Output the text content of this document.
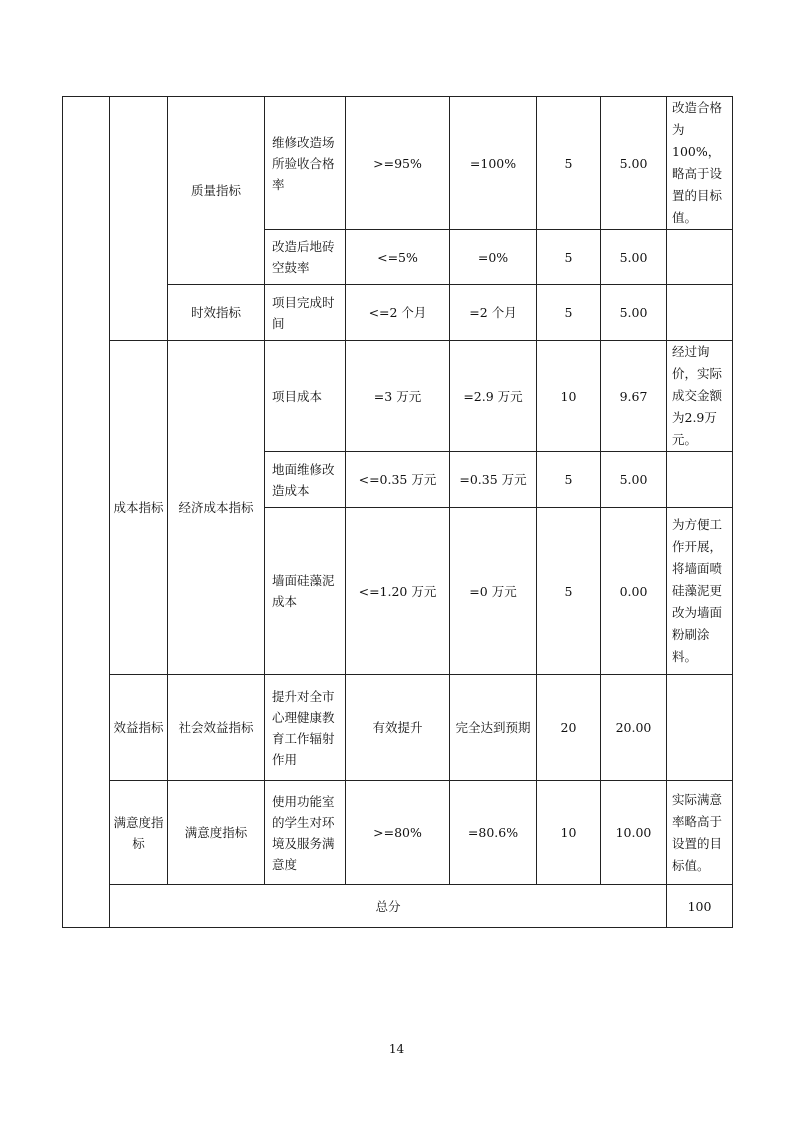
		质量指标	维修改造场所验收合格率	>=95%	=100%	5	5.00	改造合格为100%，略高于设置的目标值。	
			改造后地砖空鼓率	<=5%	=0%	5	5.00		
		时效指标	项目完成时间	<=2 个月	=2 个月	5	5.00		
	成本指标	经济成本指标	项目成本	=3 万元	=2.9 万元	10	9.67	经过询价，实际成交金额为2.9万元。	
			地面维修改造成本	<=0.35 万元	=0.35 万元	5	5.00		
			墙面硅藻泥成本	<=1.20 万元	=0 万元	5	0.00	为方便工作开展，将墙面喷硅藻泥更改为墙面粉刷涂料。	
	效益指标	社会效益指标	提升对全市心理健康教育工作辐射作用	有效提升	完全达到预期	20	20.00		
	满意度指标	满意度指标	使用功能室的学生对环境及服务满意度	>=80%	=80.6%	10	10.00	实际满意率略高于设置的目标值。	
	总分							100		
14
